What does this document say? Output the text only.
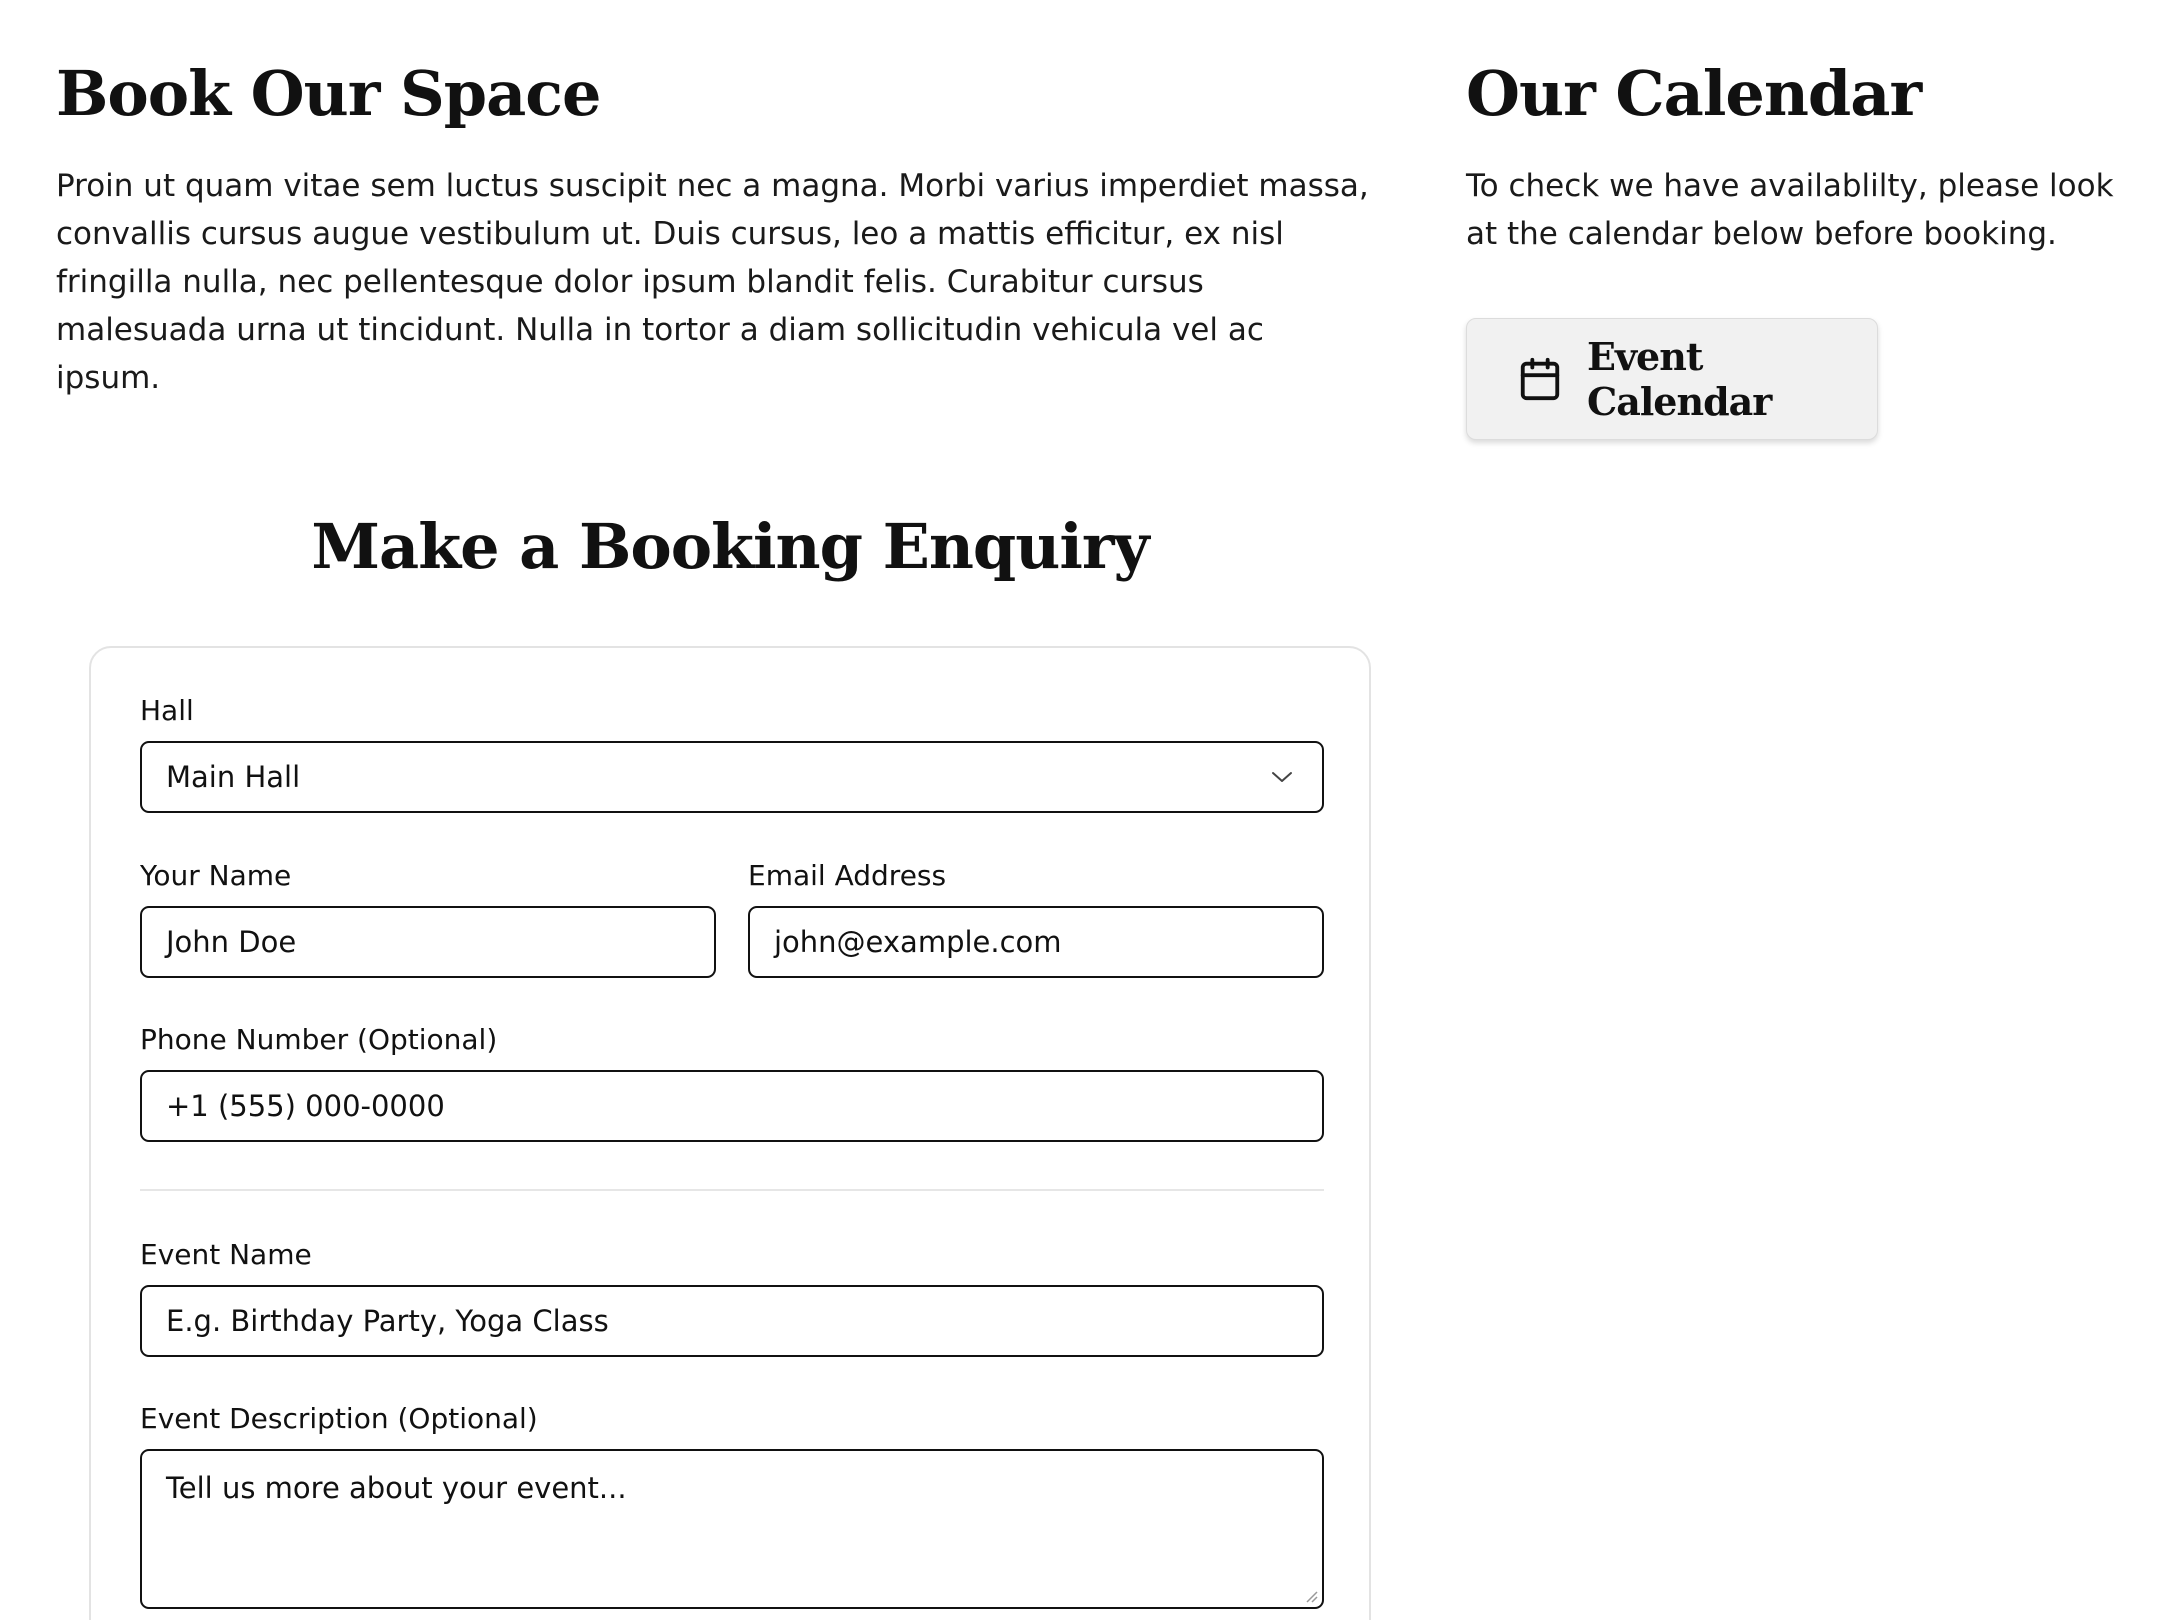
Book Our Space

Proin ut quam vitae sem luctus suscipit nec a magna. Morbi varius imperdiet massa, convallis cursus augue vestibulum ut. Duis cursus, leo a mattis efficitur, ex nisl fringilla nulla, nec pellentesque dolor ipsum blandit felis. Curabitur cursus malesuada urna ut tincidunt. Nulla in tortor a diam sollicitudin vehicula vel ac ipsum.

Our Calendar

To check we have availablilty, please look at the calendar below before booking.

Event Calendar
Make a Booking Enquiry
Hall
Main Hall
Your Name
John Doe
Email Address
john@example.com
Phone Number (Optional)
+1 (555) 000-0000
Event Name
E.g. Birthday Party, Yoga Class
Event Description (Optional)
Tell us more about your event...
